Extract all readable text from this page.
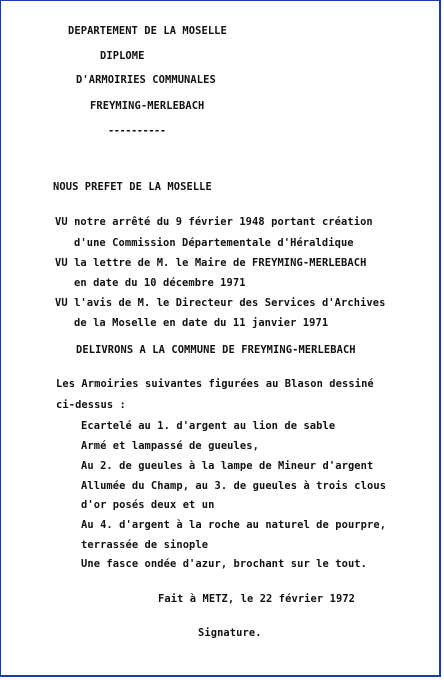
DEPARTEMENT DE LA MOSELLE

DIPLOME

D'ARMOIRIES COMMUNALES

FREYMING-MERLEBACH

----------

NOUS PREFET DE LA MOSELLE

VU notre arrêté du 9 février 1948 portant création

d'une Commission Départementale d'Héraldique

VU la lettre de M. le Maire de FREYMING-MERLEBACH

en date du 10 décembre 1971

VU l'avis de M. le Directeur des Services d'Archives

de la Moselle en date du 11 janvier 1971

DELIVRONS A LA COMMUNE DE FREYMING-MERLEBACH

Les Armoiries suivantes figurées au Blason dessiné

ci-dessus :

Ecartelé au 1. d'argent au lion de sable

Armé et lampassé de gueules,

Au 2. de gueules à la lampe de Mineur d'argent

Allumée du Champ, au 3. de gueules à trois clous

d'or posés deux et un

Au 4. d'argent à la roche au naturel de pourpre,

terrassée de sinople

Une fasce ondée d'azur, brochant sur le tout.

Fait à METZ, le 22 février 1972

Signature.
